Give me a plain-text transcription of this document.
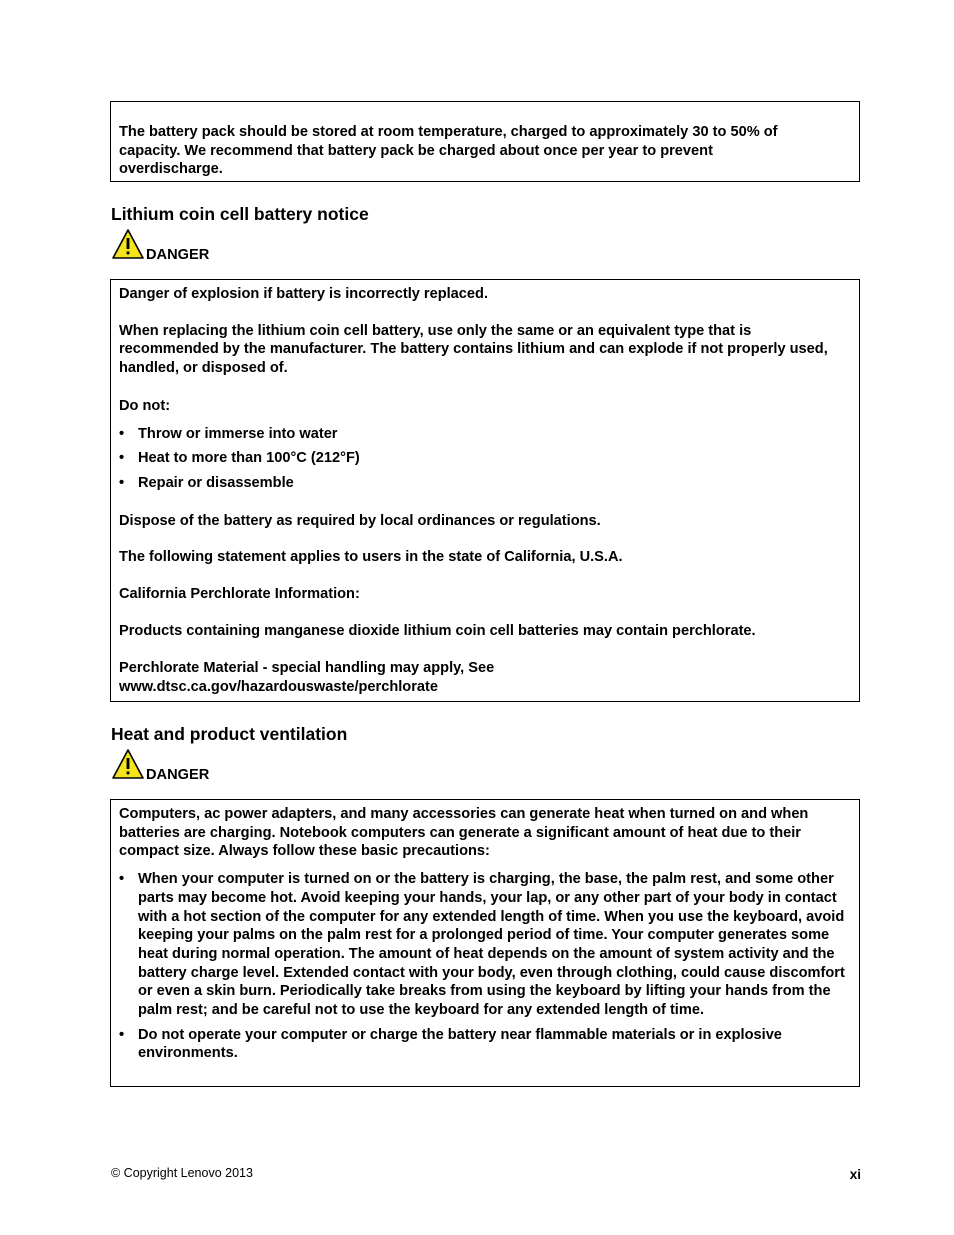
The battery pack should be stored at room temperature, charged to approximately 30 to 50% of capacity. We recommend that battery pack be charged about once per year to prevent overdischarge.

Lithium coin cell battery notice
DANGER

Danger of explosion if battery is incorrectly replaced.

When replacing the lithium coin cell battery, use only the same or an equivalent type that is recommended by the manufacturer. The battery contains lithium and can explode if not properly used, handled, or disposed of.

Do not:

• Throw or immerse into water
• Heat to more than 100°C (212°F)
• Repair or disassemble

Dispose of the battery as required by local ordinances or regulations.

The following statement applies to users in the state of California, U.S.A.

California Perchlorate Information:

Products containing manganese dioxide lithium coin cell batteries may contain perchlorate.

Perchlorate Material - special handling may apply, See
www.dtsc.ca.gov/hazardouswaste/perchlorate

Heat and product ventilation
DANGER

Computers, ac power adapters, and many accessories can generate heat when turned on and when batteries are charging. Notebook computers can generate a significant amount of heat due to their compact size. Always follow these basic precautions:

• When your computer is turned on or the battery is charging, the base, the palm rest, and some other parts may become hot. Avoid keeping your hands, your lap, or any other part of your body in contact with a hot section of the computer for any extended length of time. When you use the keyboard, avoid keeping your palms on the palm rest for a prolonged period of time. Your computer generates some heat during normal operation. The amount of heat depends on the amount of system activity and the battery charge level. Extended contact with your body, even through clothing, could cause discomfort or even a skin burn. Periodically take breaks from using the keyboard by lifting your hands from the palm rest; and be careful not to use the keyboard for any extended length of time.
• Do not operate your computer or charge the battery near flammable materials or in explosive environments.
© Copyright Lenovo 2013	xi
